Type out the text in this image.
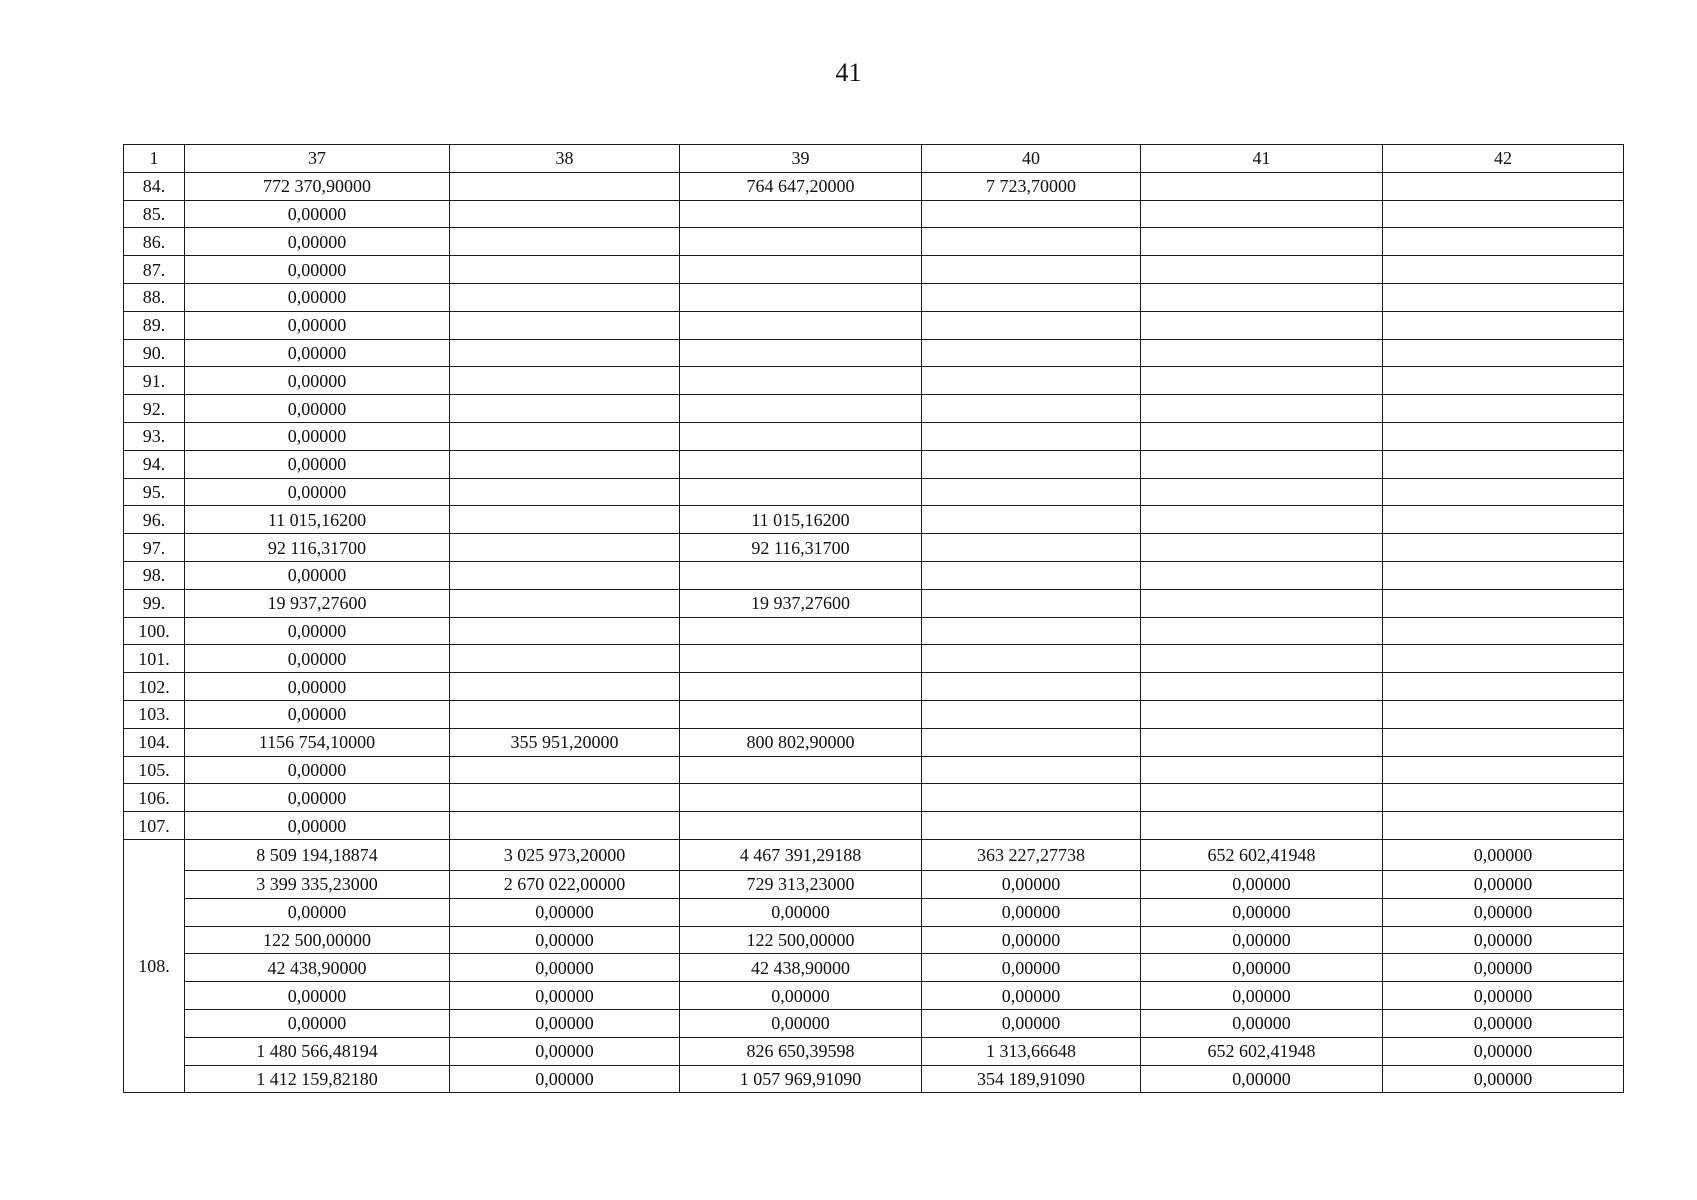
41
1	37	38	39	40	41	42
84.	772 370,90000		764 647,20000	7 723,70000		
85.	0,00000					
86.	0,00000					
87.	0,00000					
88.	0,00000					
89.	0,00000					
90.	0,00000					
91.	0,00000					
92.	0,00000					
93.	0,00000					
94.	0,00000					
95.	0,00000					
96.	11 015,16200		11 015,16200			
97.	92 116,31700		92 116,31700			
98.	0,00000					
99.	19 937,27600		19 937,27600			
100.	0,00000					
101.	0,00000					
102.	0,00000					
103.	0,00000					
104.	1156 754,10000	355 951,20000	800 802,90000			
105.	0,00000					
106.	0,00000					
107.	0,00000					
108.	8 509 194,18874	3 025 973,20000	4 467 391,29188	363 227,27738	652 602,41948	0,00000
	3 399 335,23000	2 670 022,00000	729 313,23000	0,00000	0,00000	0,00000
	0,00000	0,00000	0,00000	0,00000	0,00000	0,00000
	122 500,00000	0,00000	122 500,00000	0,00000	0,00000	0,00000
	42 438,90000	0,00000	42 438,90000	0,00000	0,00000	0,00000
	0,00000	0,00000	0,00000	0,00000	0,00000	0,00000
	0,00000	0,00000	0,00000	0,00000	0,00000	0,00000
	1 480 566,48194	0,00000	826 650,39598	1 313,66648	652 602,41948	0,00000
	1 412 159,82180	0,00000	1 057 969,91090	354 189,91090	0,00000	0,00000
